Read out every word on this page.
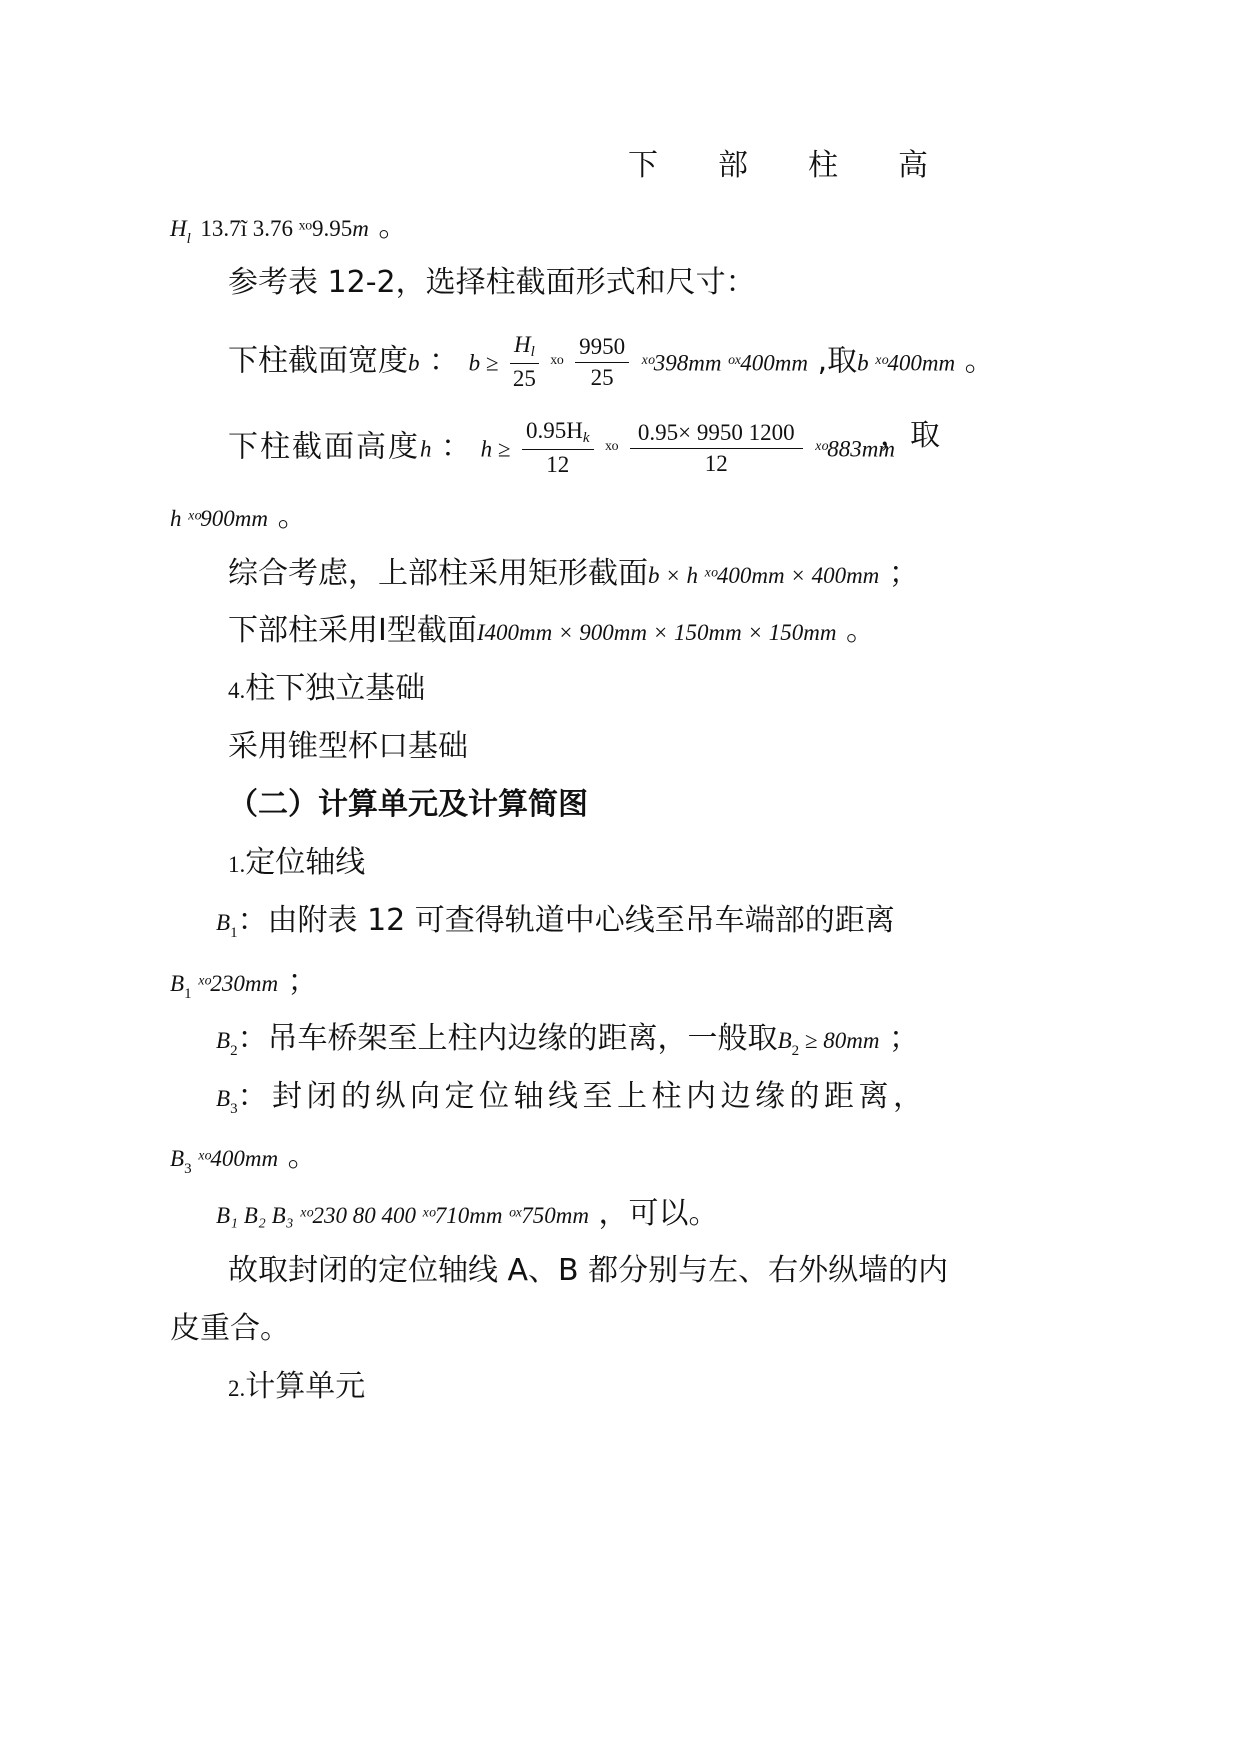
下　　部　　柱　　高
$H_l$ 13.7ĩ 3.76 ˣᵒ9.95m 。
参考表 12-2，选择柱截面形式和尺寸：
下柱截面宽度b ： $b \ge \frac{Hl}{25}$ ˣᵒ $\frac{9950}{25}$ ˣᵒ398mm ᵒˣ400mm ,取b ˣᵒ400mm 。
下柱截面高度h ： $h \ge \frac{0.95Hk}{12}$ ˣᵒ $\frac{0.95\times 9950 1200}{12}$ ˣᵒ883mm
，取
h ˣᵒ900mm 。
综合考虑，上部柱采用矩形截面b × h ˣᵒ400mm × 400mm ；
下部柱采用Ⅰ型截面I400mm × 900mm × 150mm × 150mm 。
4.柱下独立基础
采用锥型杯口基础
（二）计算单元及计算简图
1.定位轴线
$B_1$：由附表 12 可查得轨道中心线至吊车端部的距离
$B_1$ ˣᵒ230mm ；
$B_2$：吊车桥架至上柱内边缘的距离，一般取$B_2 \ge 80mm$ ；
$B_3$：封闭的纵向定位轴线至上柱内边缘的距离，
$B_3$ ˣᵒ400mm 。
B₁ B₂ B₃ ˣᵒ230 80 400 ˣᵒ710mm ᵒˣ750mm ，可以。
故取封闭的定位轴线 A、B 都分别与左、右外纵墙的内
皮重合。
2.计算单元
